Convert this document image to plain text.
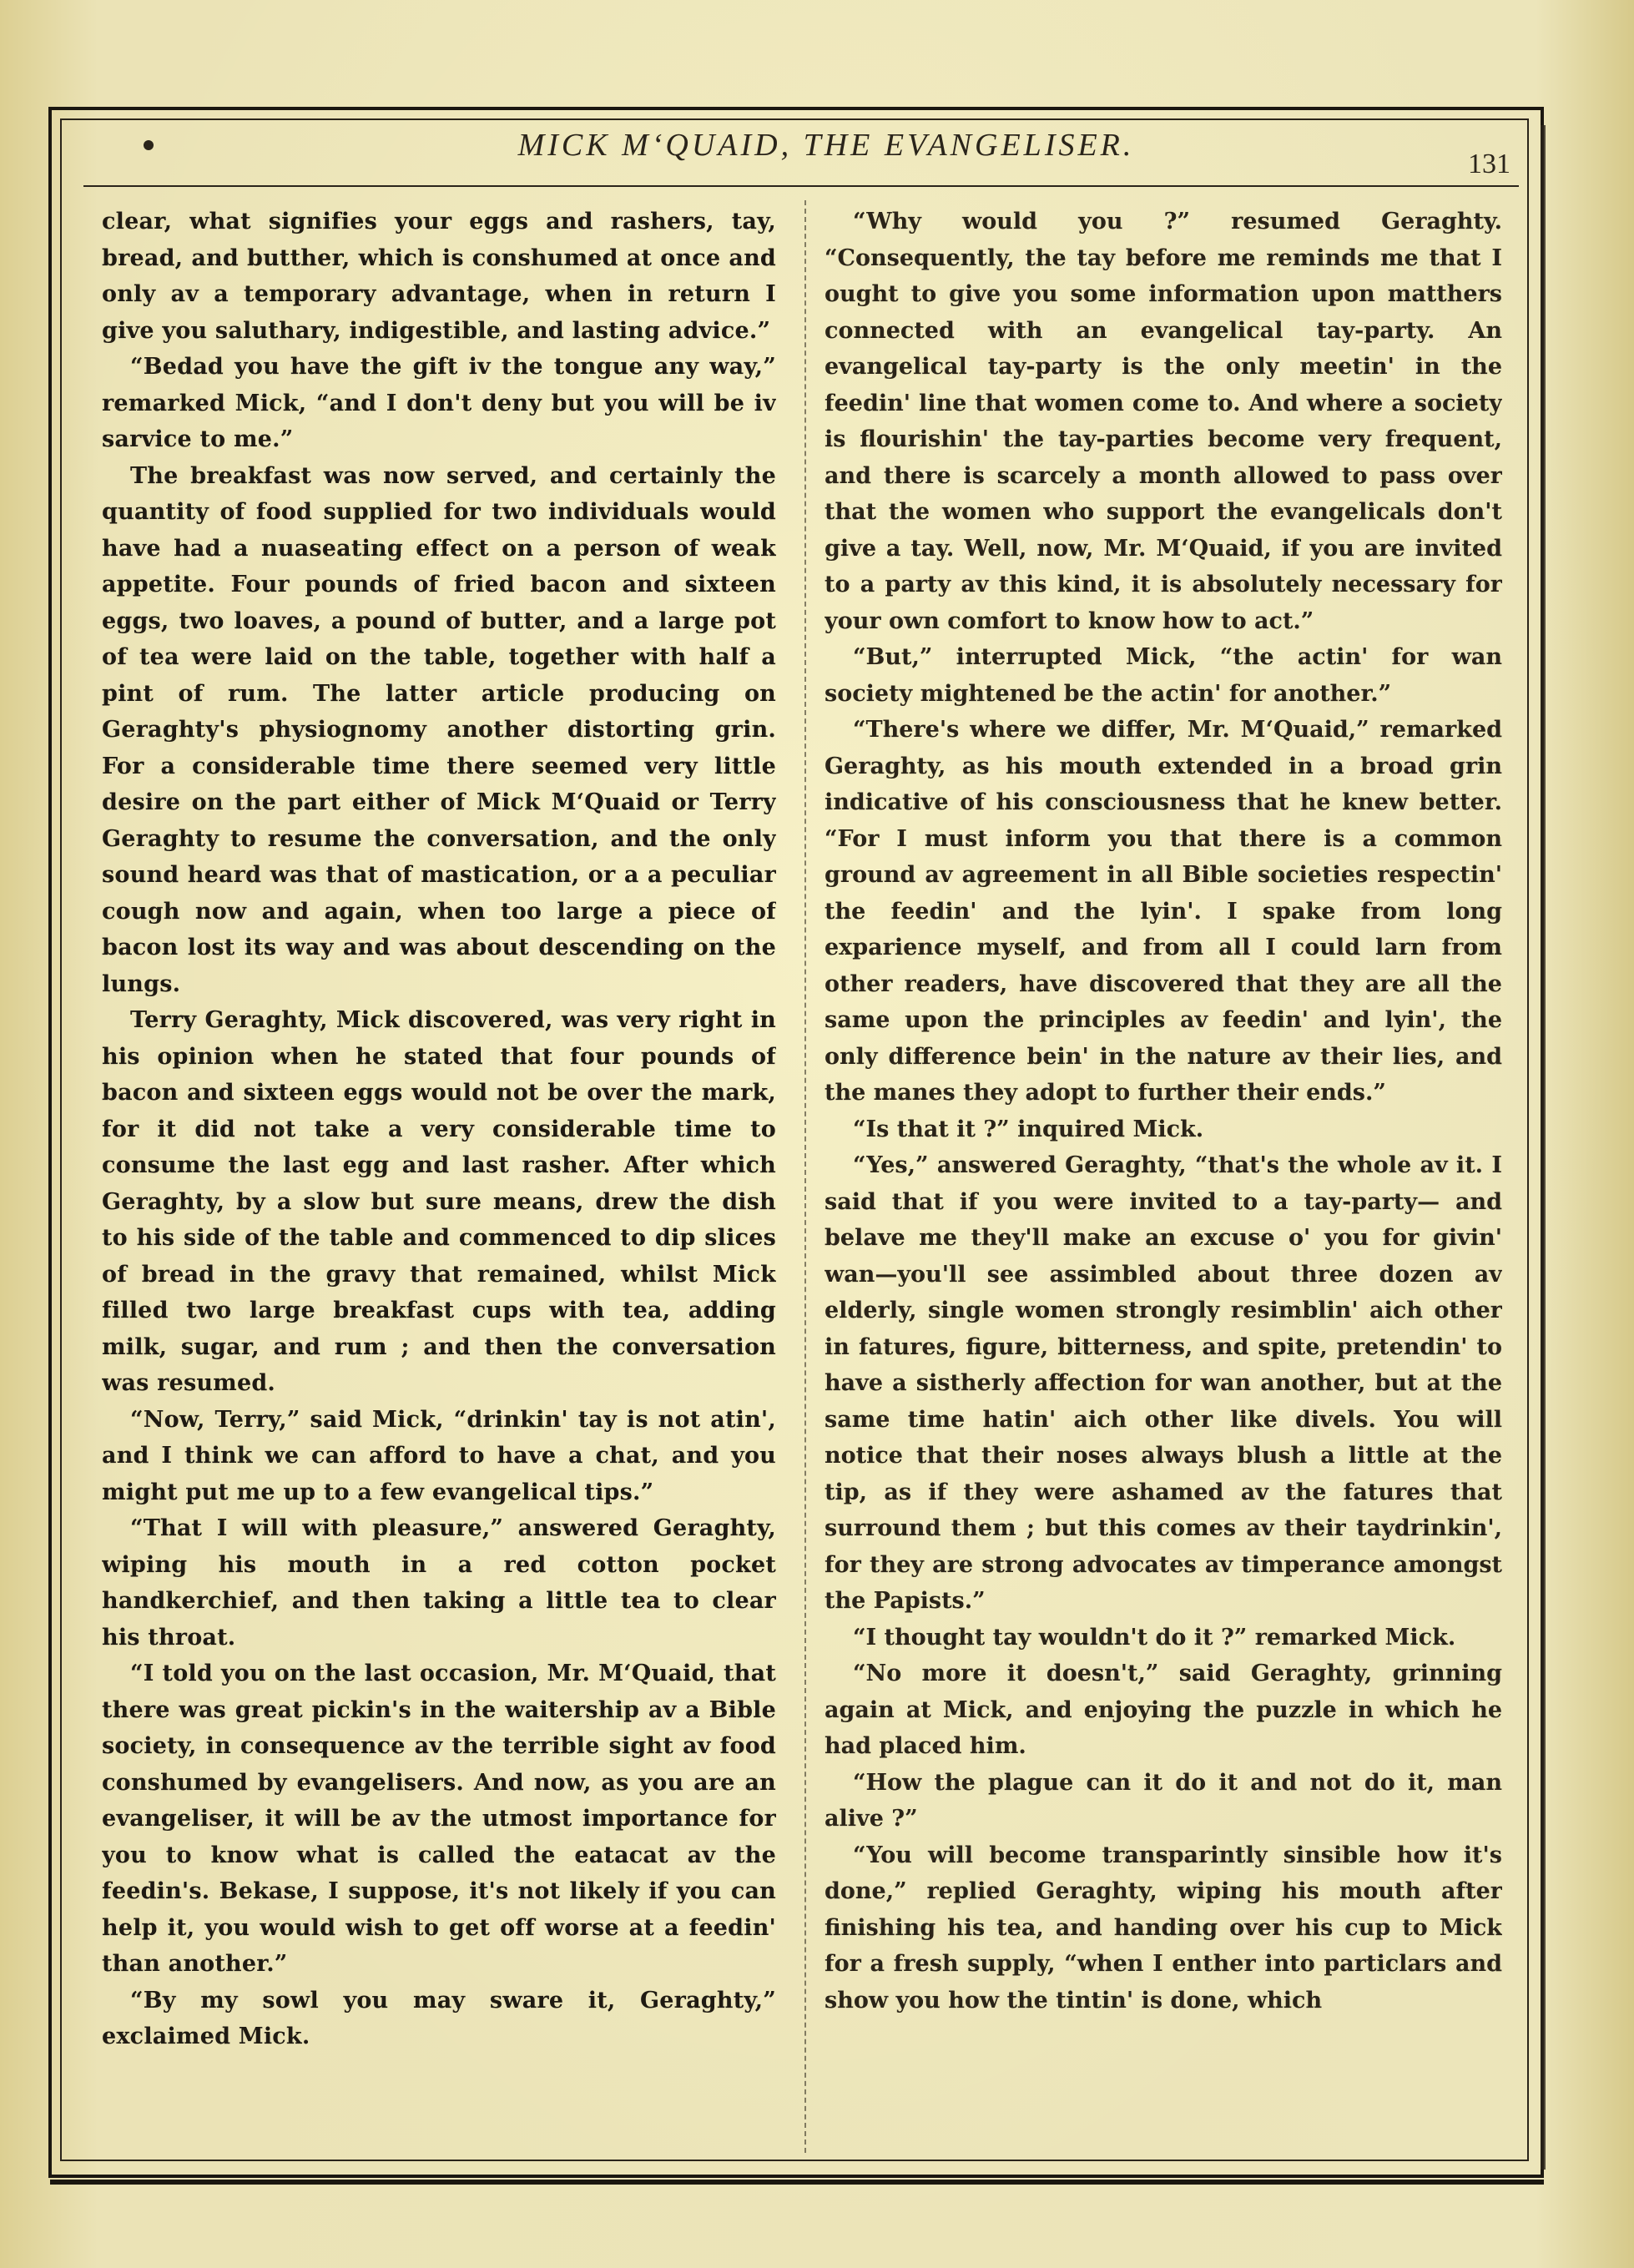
MICK M‘QUAID, THE EVANGELISER.
131

clear, what signifies your eggs and rashers, tay, bread, and butther, which is conshumed at once and only av a temporary advantage, when in return I give you saluthary, indigestible, and lasting advice.”

“Bedad you have the gift iv the tongue any way,” remarked Mick, “and I don't deny but you will be iv sarvice to me.”

The breakfast was now served, and certainly the quantity of food supplied for two individuals would have had a nuaseating effect on a person of weak appetite. Four pounds of fried bacon and sixteen eggs, two loaves, a pound of butter, and a large pot of tea were laid on the table, together with half a pint of rum. The latter article producing on Geraghty's physiognomy another distorting grin. For a considerable time there seemed very little desire on the part either of Mick M‘Quaid or Terry Geraghty to resume the conversation, and the only sound heard was that of mastication, or a a peculiar cough now and again, when too large a piece of bacon lost its way and was about descending on the lungs.

Terry Geraghty, Mick discovered, was very right in his opinion when he stated that four pounds of bacon and sixteen eggs would not be over the mark, for it did not take a very considerable time to consume the last egg and last rasher. After which Geraghty, by a slow but sure means, drew the dish to his side of the table and commenced to dip slices of bread in the gravy that remained, whilst Mick filled two large breakfast cups with tea, adding milk, sugar, and rum ; and then the conversation was resumed.

“Now, Terry,” said Mick, “drinkin' tay is not atin', and I think we can afford to have a chat, and you might put me up to a few evangelical tips.”

“That I will with pleasure,” answered Geraghty, wiping his mouth in a red cotton pocket handkerchief, and then taking a little tea to clear his throat.

“I told you on the last occasion, Mr. M‘Quaid, that there was great pickin's in the waitership av a Bible society, in consequence av the terrible sight av food conshumed by evangelisers. And now, as you are an evangeliser, it will be av the utmost importance for you to know what is called the eatacat av the feedin's. Bekase, I suppose, it's not likely if you can help it, you would wish to get off worse at a feedin' than another.”

“By my sowl you may sware it, Geraghty,” exclaimed Mick.

“Why would you ?” resumed Geraghty. “Consequently, the tay before me reminds me that I ought to give you some information upon matthers connected with an evangelical tay-party. An evangelical tay-party is the only meetin' in the feedin' line that women come to. And where a society is flourishin' the tay-parties become very frequent, and there is scarcely a month allowed to pass over that the women who support the evangelicals don't give a tay. Well, now, Mr. M‘Quaid, if you are invited to a party av this kind, it is absolutely necessary for your own comfort to know how to act.”

“But,” interrupted Mick, “the actin' for wan society mightened be the actin' for another.”

“There's where we differ, Mr. M‘Quaid,” remarked Geraghty, as his mouth extended in a broad grin indicative of his consciousness that he knew better. “For I must inform you that there is a common ground av agreement in all Bible societies respectin' the feedin' and the lyin'. I spake from long exparience myself, and from all I could larn from other readers, have discovered that they are all the same upon the principles av feedin' and lyin', the only difference bein' in the nature av their lies, and the manes they adopt to further their ends.”

“Is that it ?” inquired Mick.

“Yes,” answered Geraghty, “that's the whole av it. I said that if you were invited to a tay-party— and belave me they'll make an excuse o' you for givin' wan—you'll see assimbled about three dozen av elderly, single women strongly resimblin' aich other in fatures, figure, bitterness, and spite, pretendin' to have a sistherly affection for wan another, but at the same time hatin' aich other like divels. You will notice that their noses always blush a little at the tip, as if they were ashamed av the fatures that surround them ; but this comes av their taydrinkin', for they are strong advocates av timperance amongst the Papists.”

“I thought tay wouldn't do it ?” remarked Mick.

“No more it doesn't,” said Geraghty, grinning again at Mick, and enjoying the puzzle in which he had placed him.

“How the plague can it do it and not do it, man alive ?”

“You will become transparintly sinsible how it's done,” replied Geraghty, wiping his mouth after finishing his tea, and handing over his cup to Mick for a fresh supply, “when I enther into particlars and show you how the tintin' is done, which
